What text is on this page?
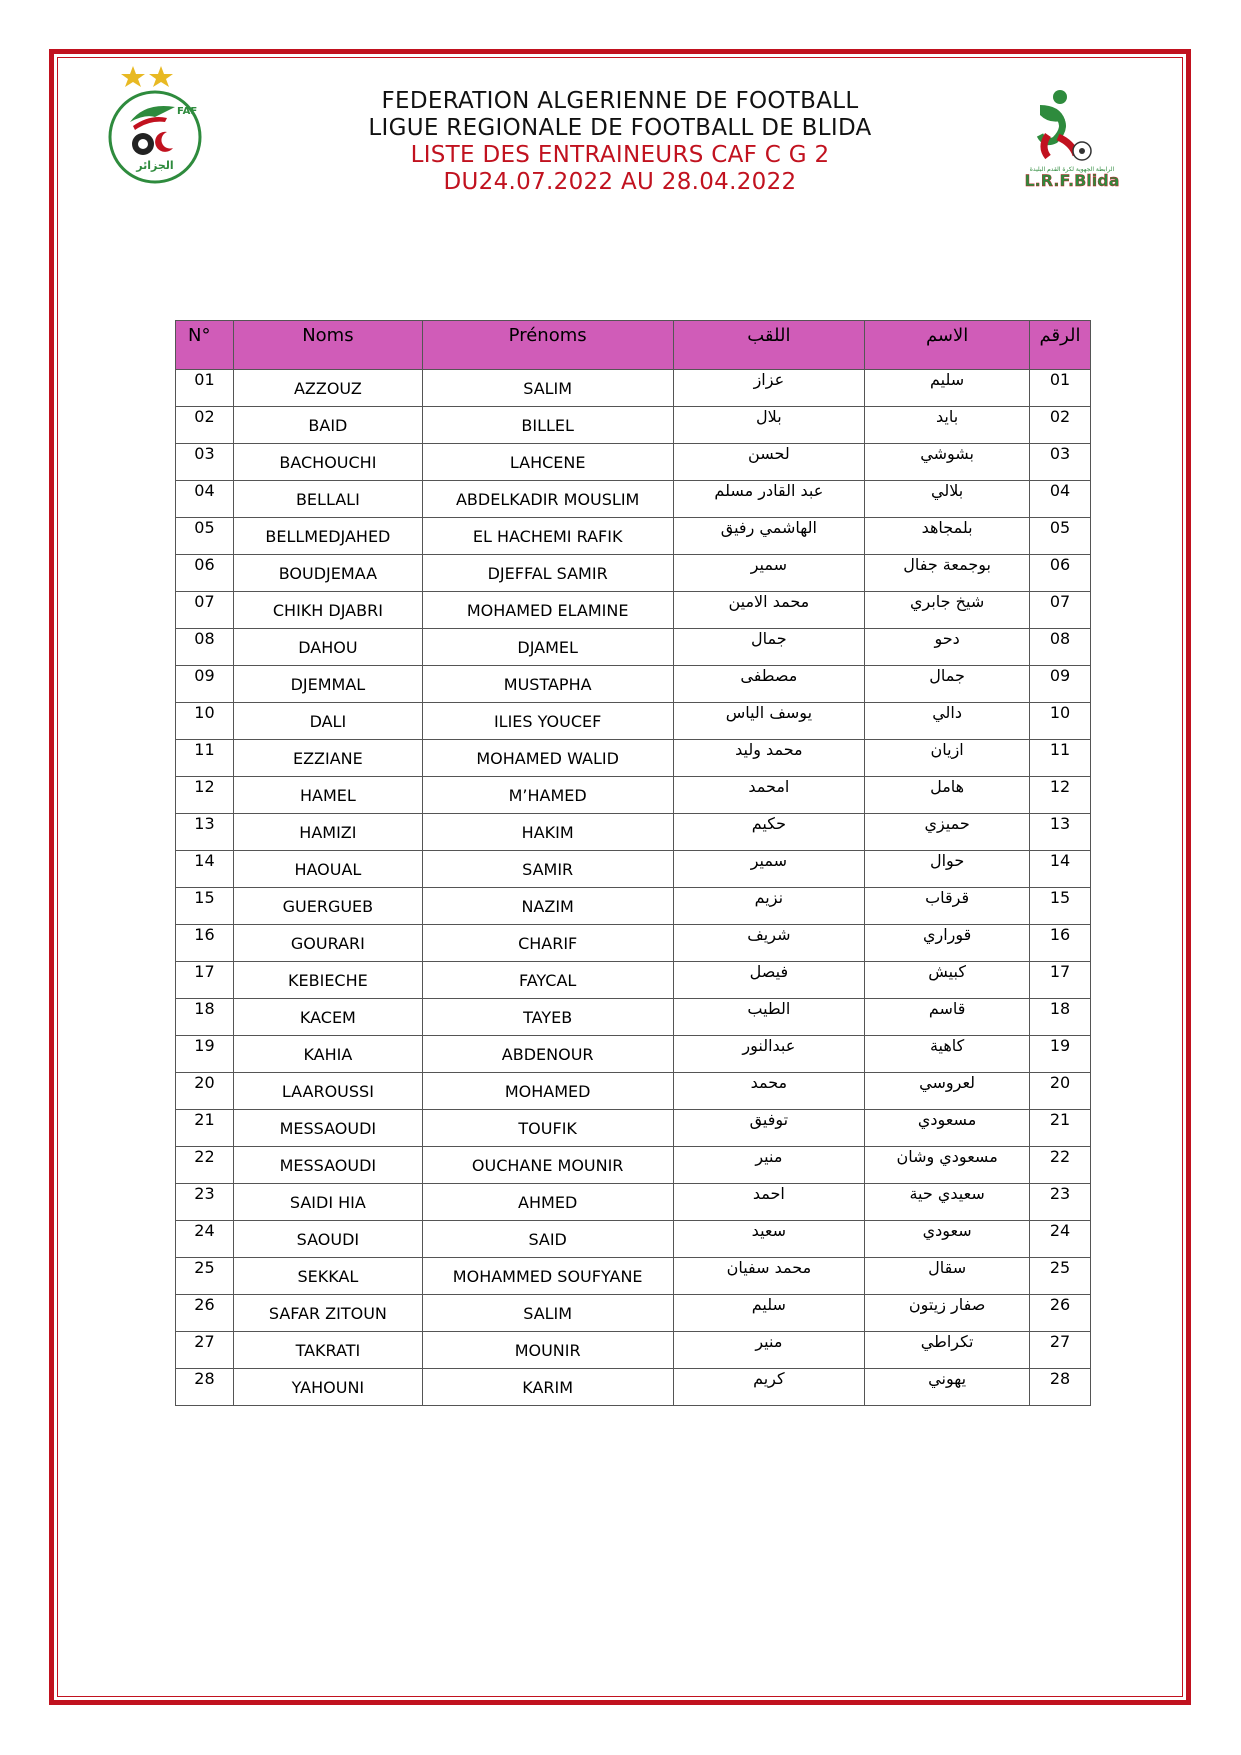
FAF
الجزائر	الرابطة الجهوية لكرة القدم البليدة
L.R.F.Blida
FEDERATION ALGERIENNE DE FOOTBALL
LIGUE REGIONALE DE FOOTBALL DE BLIDA
LISTE DES ENTRAINEURS CAF C G 2
DU24.07.2022 AU 28.04.2022
N°	Noms	Prénoms	اللقب	الاسم	الرقم
01	AZZOUZ	SALIM	عزاز	سليم	01
02	BAID	BILLEL	بلال	بايد	02
03	BACHOUCHI	LAHCENE	لحسن	بشوشي	03
04	BELLALI	ABDELKADIR MOUSLIM	عبد القادر مسلم	بلالي	04
05	BELLMEDJAHED	EL HACHEMI RAFIK	الهاشمي رفيق	بلمجاهد	05
06	BOUDJEMAA	DJEFFAL SAMIR	سمير	بوجمعة جفال	06
07	CHIKH DJABRI	MOHAMED ELAMINE	محمد الامين	شيخ جابري	07
08	DAHOU	DJAMEL	جمال	دحو	08
09	DJEMMAL	MUSTAPHA	مصطفى	جمال	09
10	DALI	ILIES YOUCEF	يوسف الياس	دالي	10
11	EZZIANE	MOHAMED WALID	محمد وليد	ازيان	11
12	HAMEL	M’HAMED	امحمد	هامل	12
13	HAMIZI	HAKIM	حكيم	حميزي	13
14	HAOUAL	SAMIR	سمير	حوال	14
15	GUERGUEB	NAZIM	نزيم	قرقاب	15
16	GOURARI	CHARIF	شريف	قوراري	16
17	KEBIECHE	FAYCAL	فيصل	كبيش	17
18	KACEM	TAYEB	الطيب	قاسم	18
19	KAHIA	ABDENOUR	عبدالنور	كاهية	19
20	LAAROUSSI	MOHAMED	محمد	لعروسي	20
21	MESSAOUDI	TOUFIK	توفيق	مسعودي	21
22	MESSAOUDI	OUCHANE MOUNIR	منير	مسعودي وشان	22
23	SAIDI HIA	AHMED	احمد	سعيدي حية	23
24	SAOUDI	SAID	سعيد	سعودي	24
25	SEKKAL	MOHAMMED SOUFYANE	محمد سفيان	سقال	25
26	SAFAR ZITOUN	SALIM	سليم	صفار زيتون	26
27	TAKRATI	MOUNIR	منير	تكراطي	27
28	YAHOUNI	KARIM	كريم	يهوني	28
